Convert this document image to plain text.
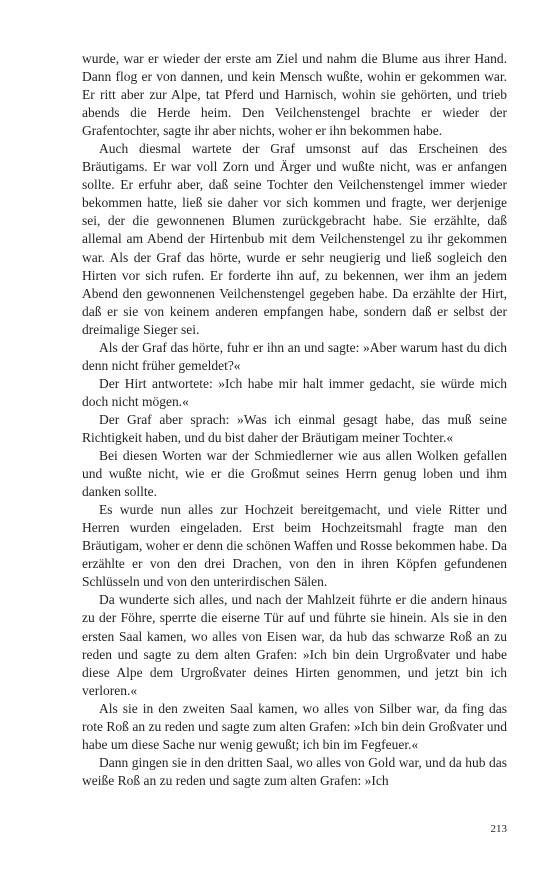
wurde, war er wieder der erste am Ziel und nahm die Blume aus ihrer Hand. Dann flog er von dannen, und kein Mensch wußte, wohin er gekommen war. Er ritt aber zur Alpe, tat Pferd und Harnisch, wohin sie gehörten, und trieb abends die Herde heim. Den Veilchenstengel brachte er wieder der Grafentochter, sagte ihr aber nichts, woher er ihn bekommen habe.

Auch diesmal wartete der Graf umsonst auf das Erscheinen des Bräutigams. Er war voll Zorn und Ärger und wußte nicht, was er anfangen sollte. Er erfuhr aber, daß seine Tochter den Veilchenstengel immer wieder bekommen hatte, ließ sie daher vor sich kommen und fragte, wer derjenige sei, der die gewonnenen Blumen zurückgebracht habe. Sie erzählte, daß allemal am Abend der Hirtenbub mit dem Veilchenstengel zu ihr gekommen war. Als der Graf das hörte, wurde er sehr neugierig und ließ sogleich den Hirten vor sich rufen. Er forderte ihn auf, zu bekennen, wer ihm an jedem Abend den gewonnenen Veilchenstengel gegeben habe. Da erzählte der Hirt, daß er sie von keinem anderen empfangen habe, sondern daß er selbst der dreimalige Sieger sei.

Als der Graf das hörte, fuhr er ihn an und sagte: »Aber warum hast du dich denn nicht früher gemeldet?«

Der Hirt antwortete: »Ich habe mir halt immer gedacht, sie würde mich doch nicht mögen.«

Der Graf aber sprach: »Was ich einmal gesagt habe, das muß seine Richtigkeit haben, und du bist daher der Bräutigam meiner Tochter.«

Bei diesen Worten war der Schmiedlerner wie aus allen Wolken gefallen und wußte nicht, wie er die Großmut seines Herrn genug loben und ihm danken sollte.

Es wurde nun alles zur Hochzeit bereitgemacht, und viele Ritter und Herren wurden eingeladen. Erst beim Hochzeitsmahl fragte man den Bräutigam, woher er denn die schönen Waffen und Rosse bekommen habe. Da erzählte er von den drei Drachen, von den in ihren Köpfen gefundenen Schlüsseln und von den unterirdischen Sälen.

Da wunderte sich alles, und nach der Mahlzeit führte er die andern hinaus zu der Föhre, sperrte die eiserne Tür auf und führte sie hinein. Als sie in den ersten Saal kamen, wo alles von Eisen war, da hub das schwarze Roß an zu reden und sagte zu dem alten Grafen: »Ich bin dein Urgroßvater und habe diese Alpe dem Urgroßvater deines Hirten genommen, und jetzt bin ich verloren.«

Als sie in den zweiten Saal kamen, wo alles von Silber war, da fing das rote Roß an zu reden und sagte zum alten Grafen: »Ich bin dein Großvater und habe um diese Sache nur wenig gewußt; ich bin im Fegfeuer.«

Dann gingen sie in den dritten Saal, wo alles von Gold war, und da hub das weiße Roß an zu reden und sagte zum alten Grafen: »Ich

213
